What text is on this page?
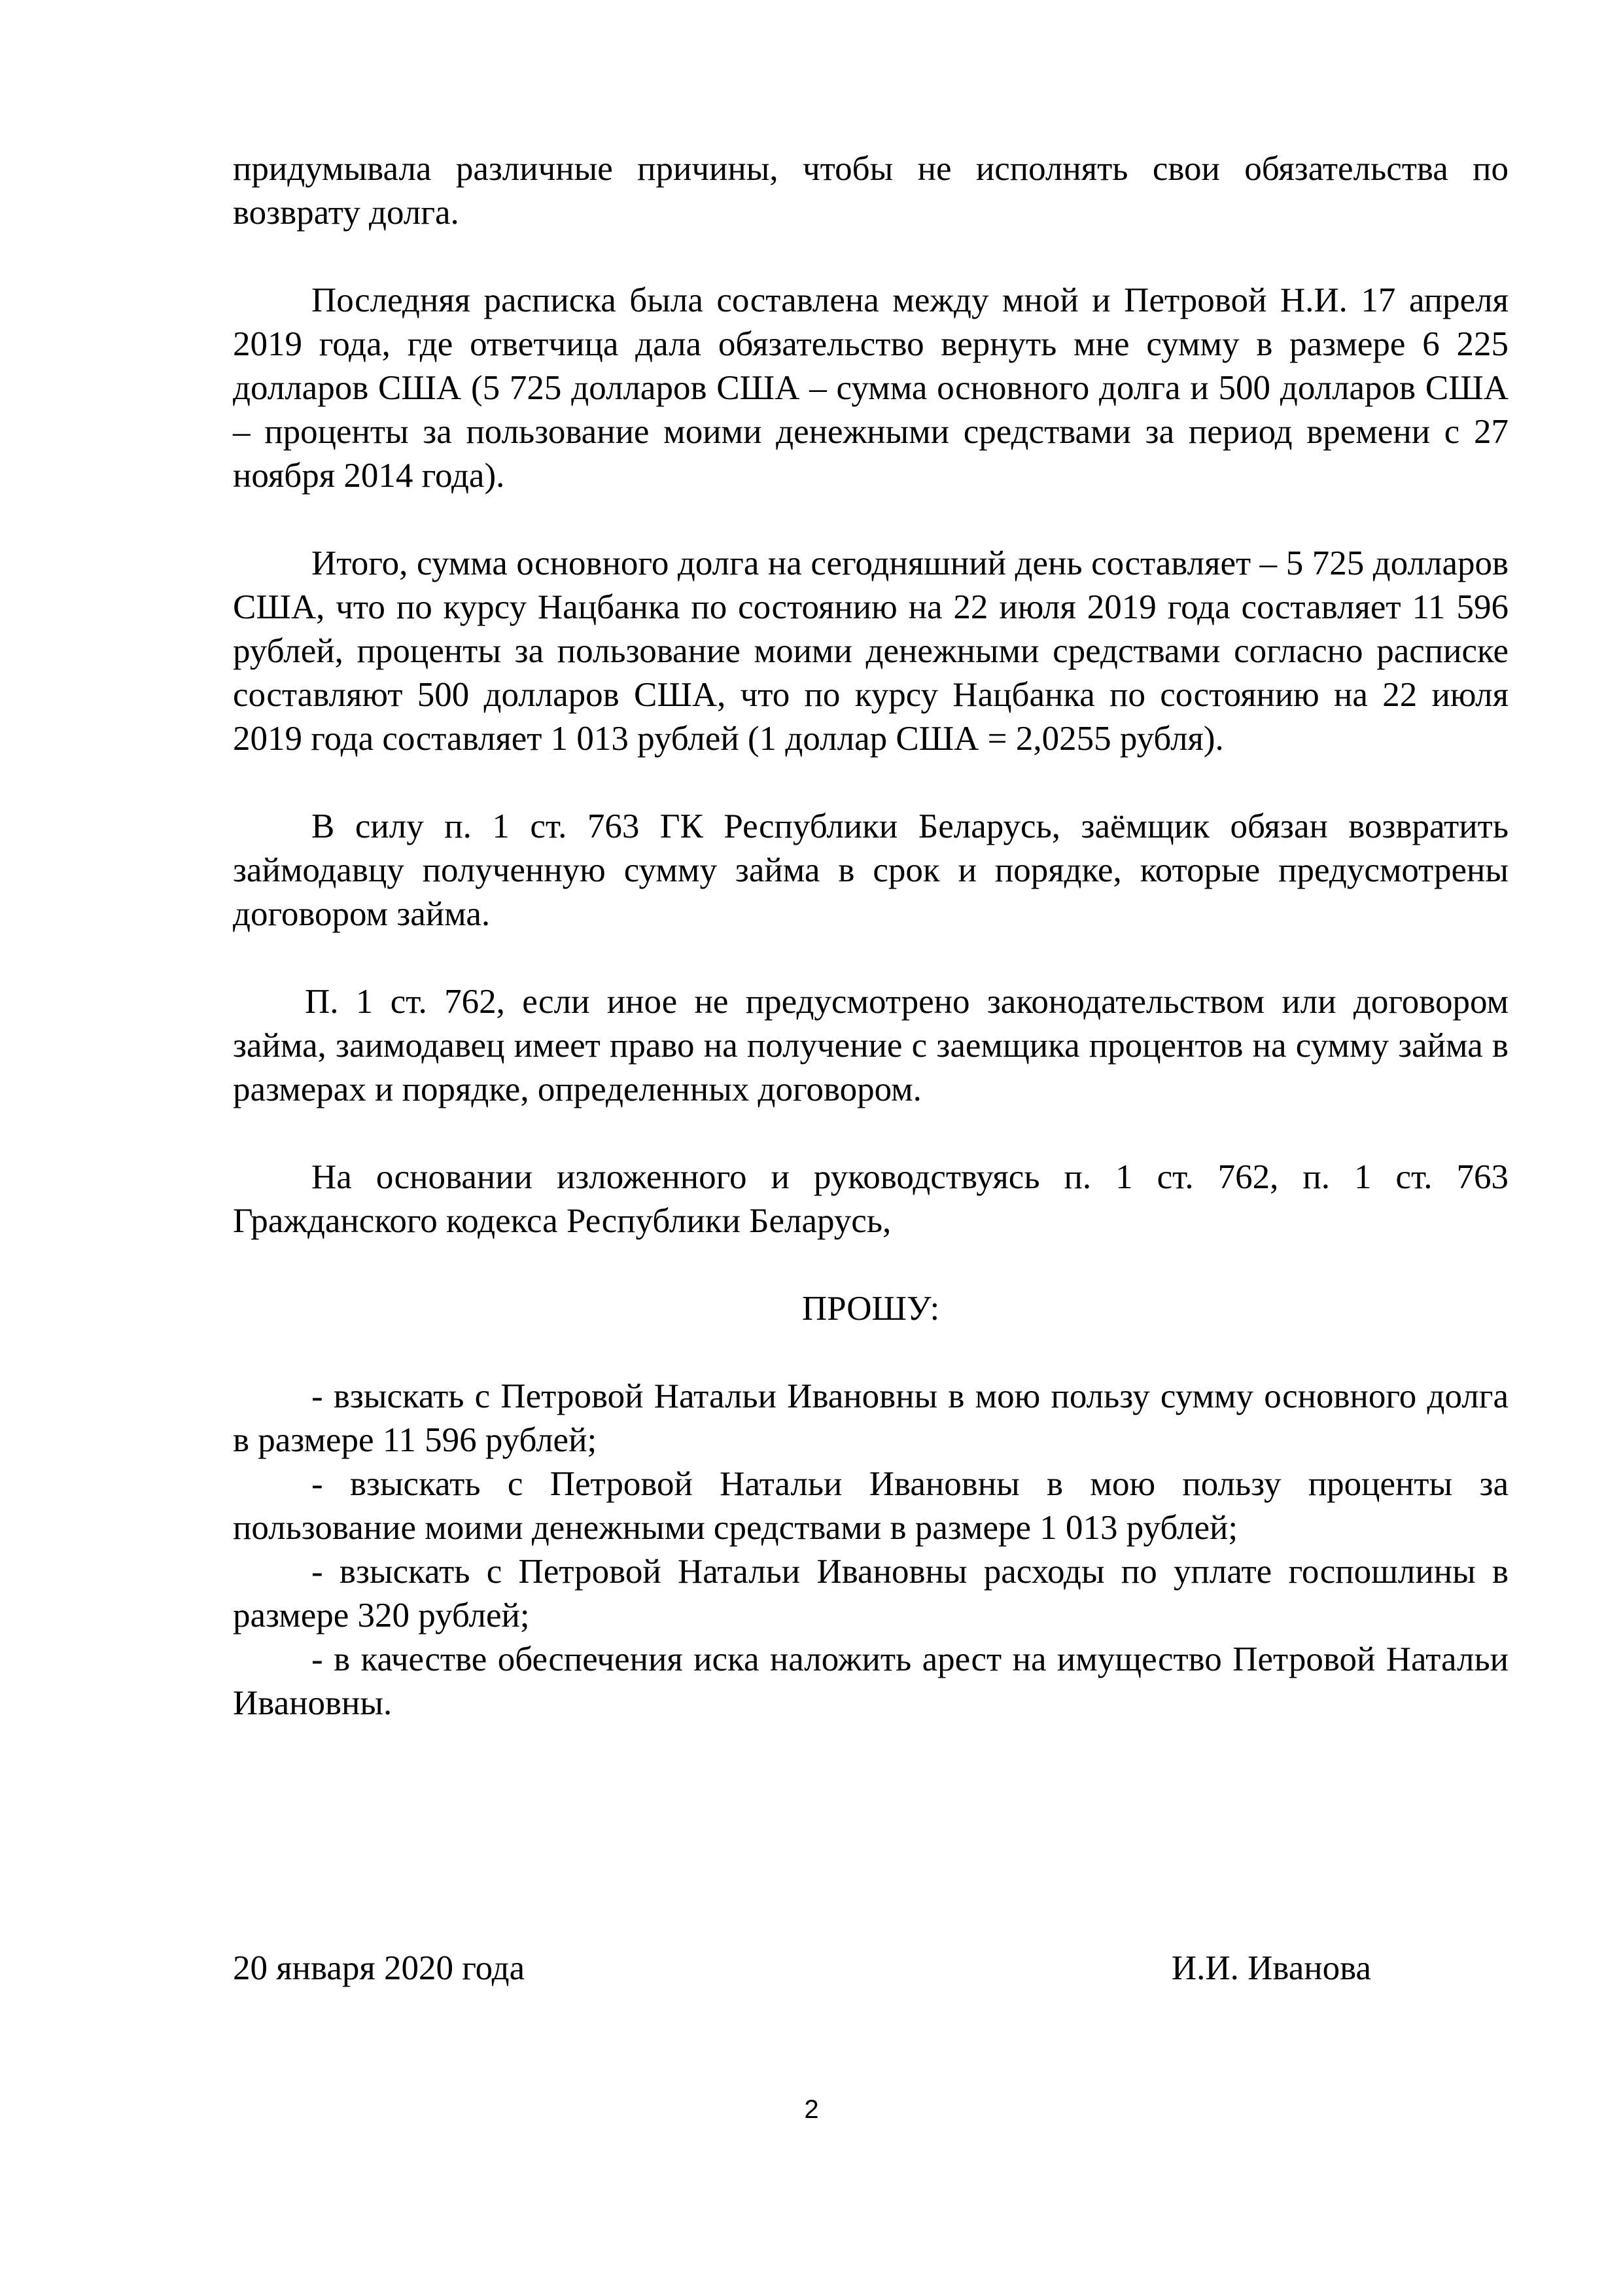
придумывала различные причины, чтобы не исполнять свои обязательства по возврату долга.

Последняя расписка была составлена между мной и Петровой Н.И. 17 апреля 2019 года, где ответчица дала обязательство вернуть мне сумму в размере 6 225 долларов США (5 725 долларов США – сумма основного долга и 500 долларов США – проценты за пользование моими денежными средствами за период времени с 27 ноября 2014 года).

Итого, сумма основного долга на сегодняшний день составляет – 5 725 долларов США, что по курсу Нацбанка по состоянию на 22 июля 2019 года составляет 11 596 рублей, проценты за пользование моими денежными средствами согласно расписке составляют 500 долларов США, что по курсу Нацбанка по состоянию на 22 июля 2019 года составляет 1 013 рублей (1 доллар США = 2,0255 рубля).

В силу п. 1 ст. 763 ГК Республики Беларусь, заёмщик обязан возвратить займодавцу полученную сумму займа в срок и порядке, которые предусмотрены договором займа.

П. 1 ст. 762, если иное не предусмотрено законодательством или договором займа, заимодавец имеет право на получение с заемщика процентов на сумму займа в размерах и порядке, определенных договором.

На основании изложенного и руководствуясь п. 1 ст. 762, п. 1 ст. 763 Гражданского кодекса Республики Беларусь,

ПРОШУ:

- взыскать с Петровой Натальи Ивановны в мою пользу сумму основного долга в размере 11 596 рублей;

- взыскать с Петровой Натальи Ивановны в мою пользу проценты за пользование моими денежными средствами в размере 1 013 рублей;

- взыскать с Петровой Натальи Ивановны расходы по уплате госпошлины в размере 320 рублей;

- в качестве обеспечения иска наложить арест на имущество Петровой Натальи Ивановны.

20 января 2020 года	И.И. Иванова
2
